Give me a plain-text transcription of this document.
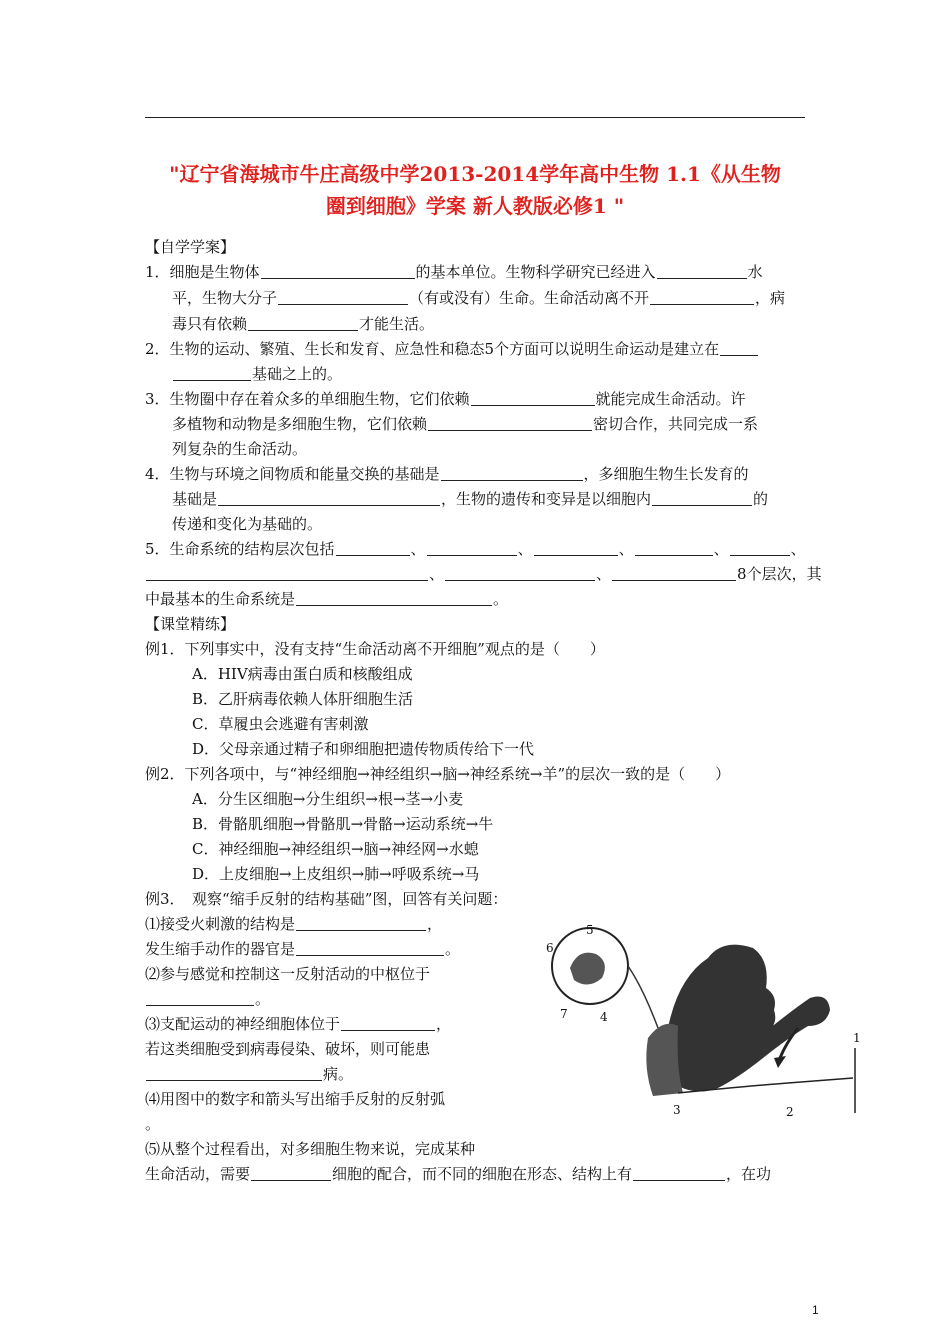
"辽宁省海城市牛庄高级中学2013-2014学年高中生物 1.1《从生物
圈到细胞》学案 新人教版必修1 "
【自学学案】
1．细胞是生物体	的基本单位。生物科学研究已经进入	水
平，生物大分子	（有或没有）生命。生命活动离不开	，病
毒只有依赖	才能生活。
2．生物的运动、繁殖、生长和发育、应急性和稳态5个方面可以说明生命运动是建立在
基础之上的。
3．生物圈中存在着众多的单细胞生物，它们依赖	就能完成生命活动。许
多植物和动物是多细胞生物，它们依赖	密切合作，共同完成一系
列复杂的生命活动。
4．生物与环境之间物质和能量交换的基础是	，多细胞生物生长发育的
基础是	，生物的遗传和变异是以细胞内	的
传递和变化为基础的。
5．生命系统的结构层次包括	、	、	、	、	、
、	、	8个层次，其
中最基本的生命系统是	。
【课堂精练】
例1．下列事实中，没有支持“生命活动离不开细胞”观点的是（　　）
A．HIV病毒由蛋白质和核酸组成
B．乙肝病毒依赖人体肝细胞生活
C．草履虫会逃避有害刺激
D．父母亲通过精子和卵细胞把遗传物质传给下一代
例2．下列各项中，与“神经细胞→神经组织→脑→神经系统→羊”的层次一致的是（　　）
A．分生区细胞→分生组织→根→茎→小麦
B．骨骼肌细胞→骨骼肌→骨骼→运动系统→牛
C．神经细胞→神经组织→脑→神经网→水螅
D．上皮细胞→上皮组织→肺→呼吸系统→马
例3．　观察“缩手反射的结构基础”图，回答有关问题：
⑴接受火刺激的结构是	，
发生缩手动作的器官是	。
⑵参与感觉和控制这一反射活动的中枢位于
。
⑶支配运动的神经细胞体位于	，
若这类细胞受到病毒侵染、破坏，则可能患
病。
⑷用图中的数字和箭头写出缩手反射的反射弧
。
⑸从整个过程看出，对多细胞生物来说，完成某种
生命活动，需要	细胞的配合，而不同的细胞在形态、结构上有	，在功
1
2
3
4
5
6
7
1
